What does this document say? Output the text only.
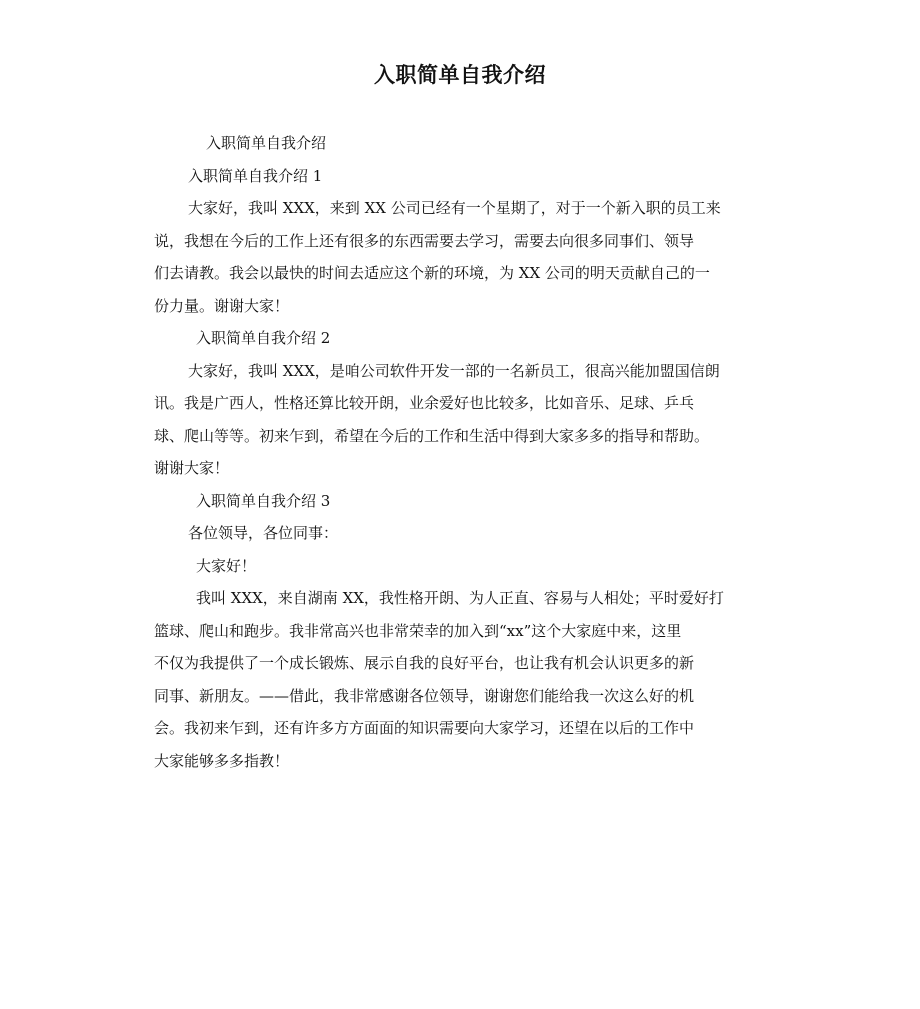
入职简单自我介绍
入职简单自我介绍
入职简单自我介绍 1
大家好，我叫 XXX，来到 XX 公司已经有一个星期了，对于一个新入职的员工来
说，我想在今后的工作上还有很多的东西需要去学习，需要去向很多同事们、领导
们去请教。我会以最快的时间去适应这个新的环境，为 XX 公司的明天贡献自己的一
份力量。谢谢大家！
入职简单自我介绍 2
大家好，我叫 XXX，是咱公司软件开发一部的一名新员工，很高兴能加盟国信朗
讯。我是广西人，性格还算比较开朗，业余爱好也比较多，比如音乐、足球、乒乓
球、爬山等等。初来乍到，希望在今后的工作和生活中得到大家多多的指导和帮助。
谢谢大家！
入职简单自我介绍 3
各位领导，各位同事：
大家好！
我叫 XXX，来自湖南 XX，我性格开朗、为人正直、容易与人相处；平时爱好打
篮球、爬山和跑步。我非常高兴也非常荣幸的加入到“xx”这个大家庭中来，这里
不仅为我提供了一个成长锻炼、展示自我的良好平台，也让我有机会认识更多的新
同事、新朋友。——借此，我非常感谢各位领导，谢谢您们能给我一次这么好的机
会。我初来乍到，还有许多方方面面的知识需要向大家学习，还望在以后的工作中
大家能够多多指教！
